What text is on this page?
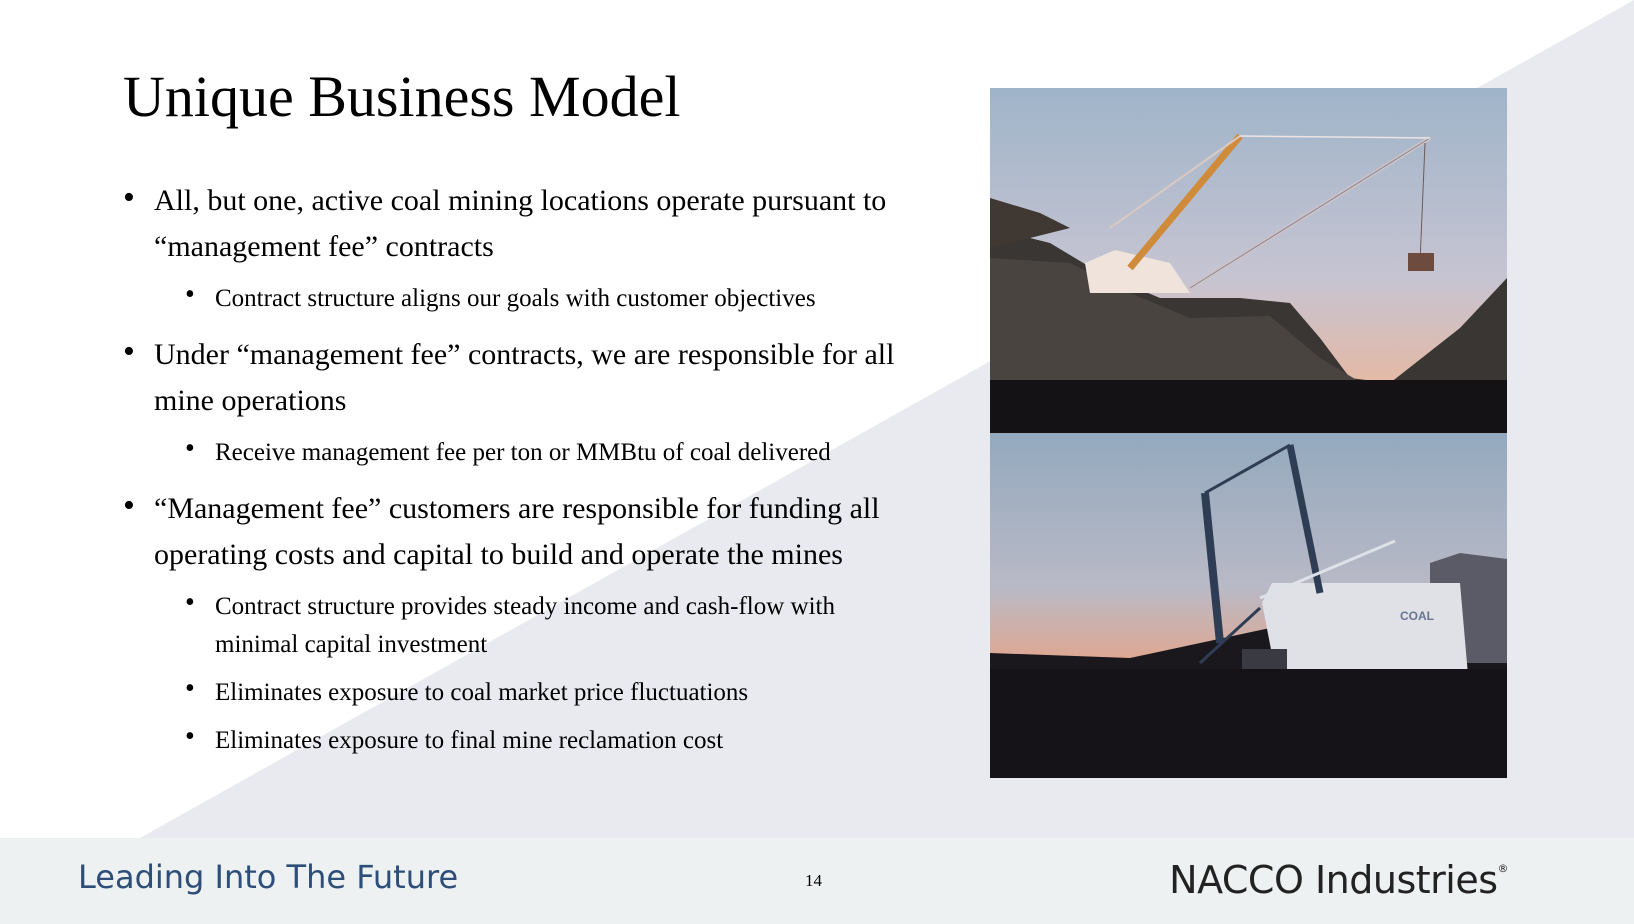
Unique Business Model
• All, but one, active coal mining locations operate pursuant to “management fee” contracts
• Contract structure aligns our goals with customer objectives
• Under “management fee” contracts, we are responsible for all mine operations
• Receive management fee per ton or MMBtu of coal delivered
• “Management fee” customers are responsible for funding all operating costs and capital to build and operate the mines
• Contract structure provides steady income and cash-flow with minimal capital investment
• Eliminates exposure to coal market price fluctuations
• Eliminates exposure to final mine reclamation cost
COAL
Leading Into The Future	14	NACCO Industries®
